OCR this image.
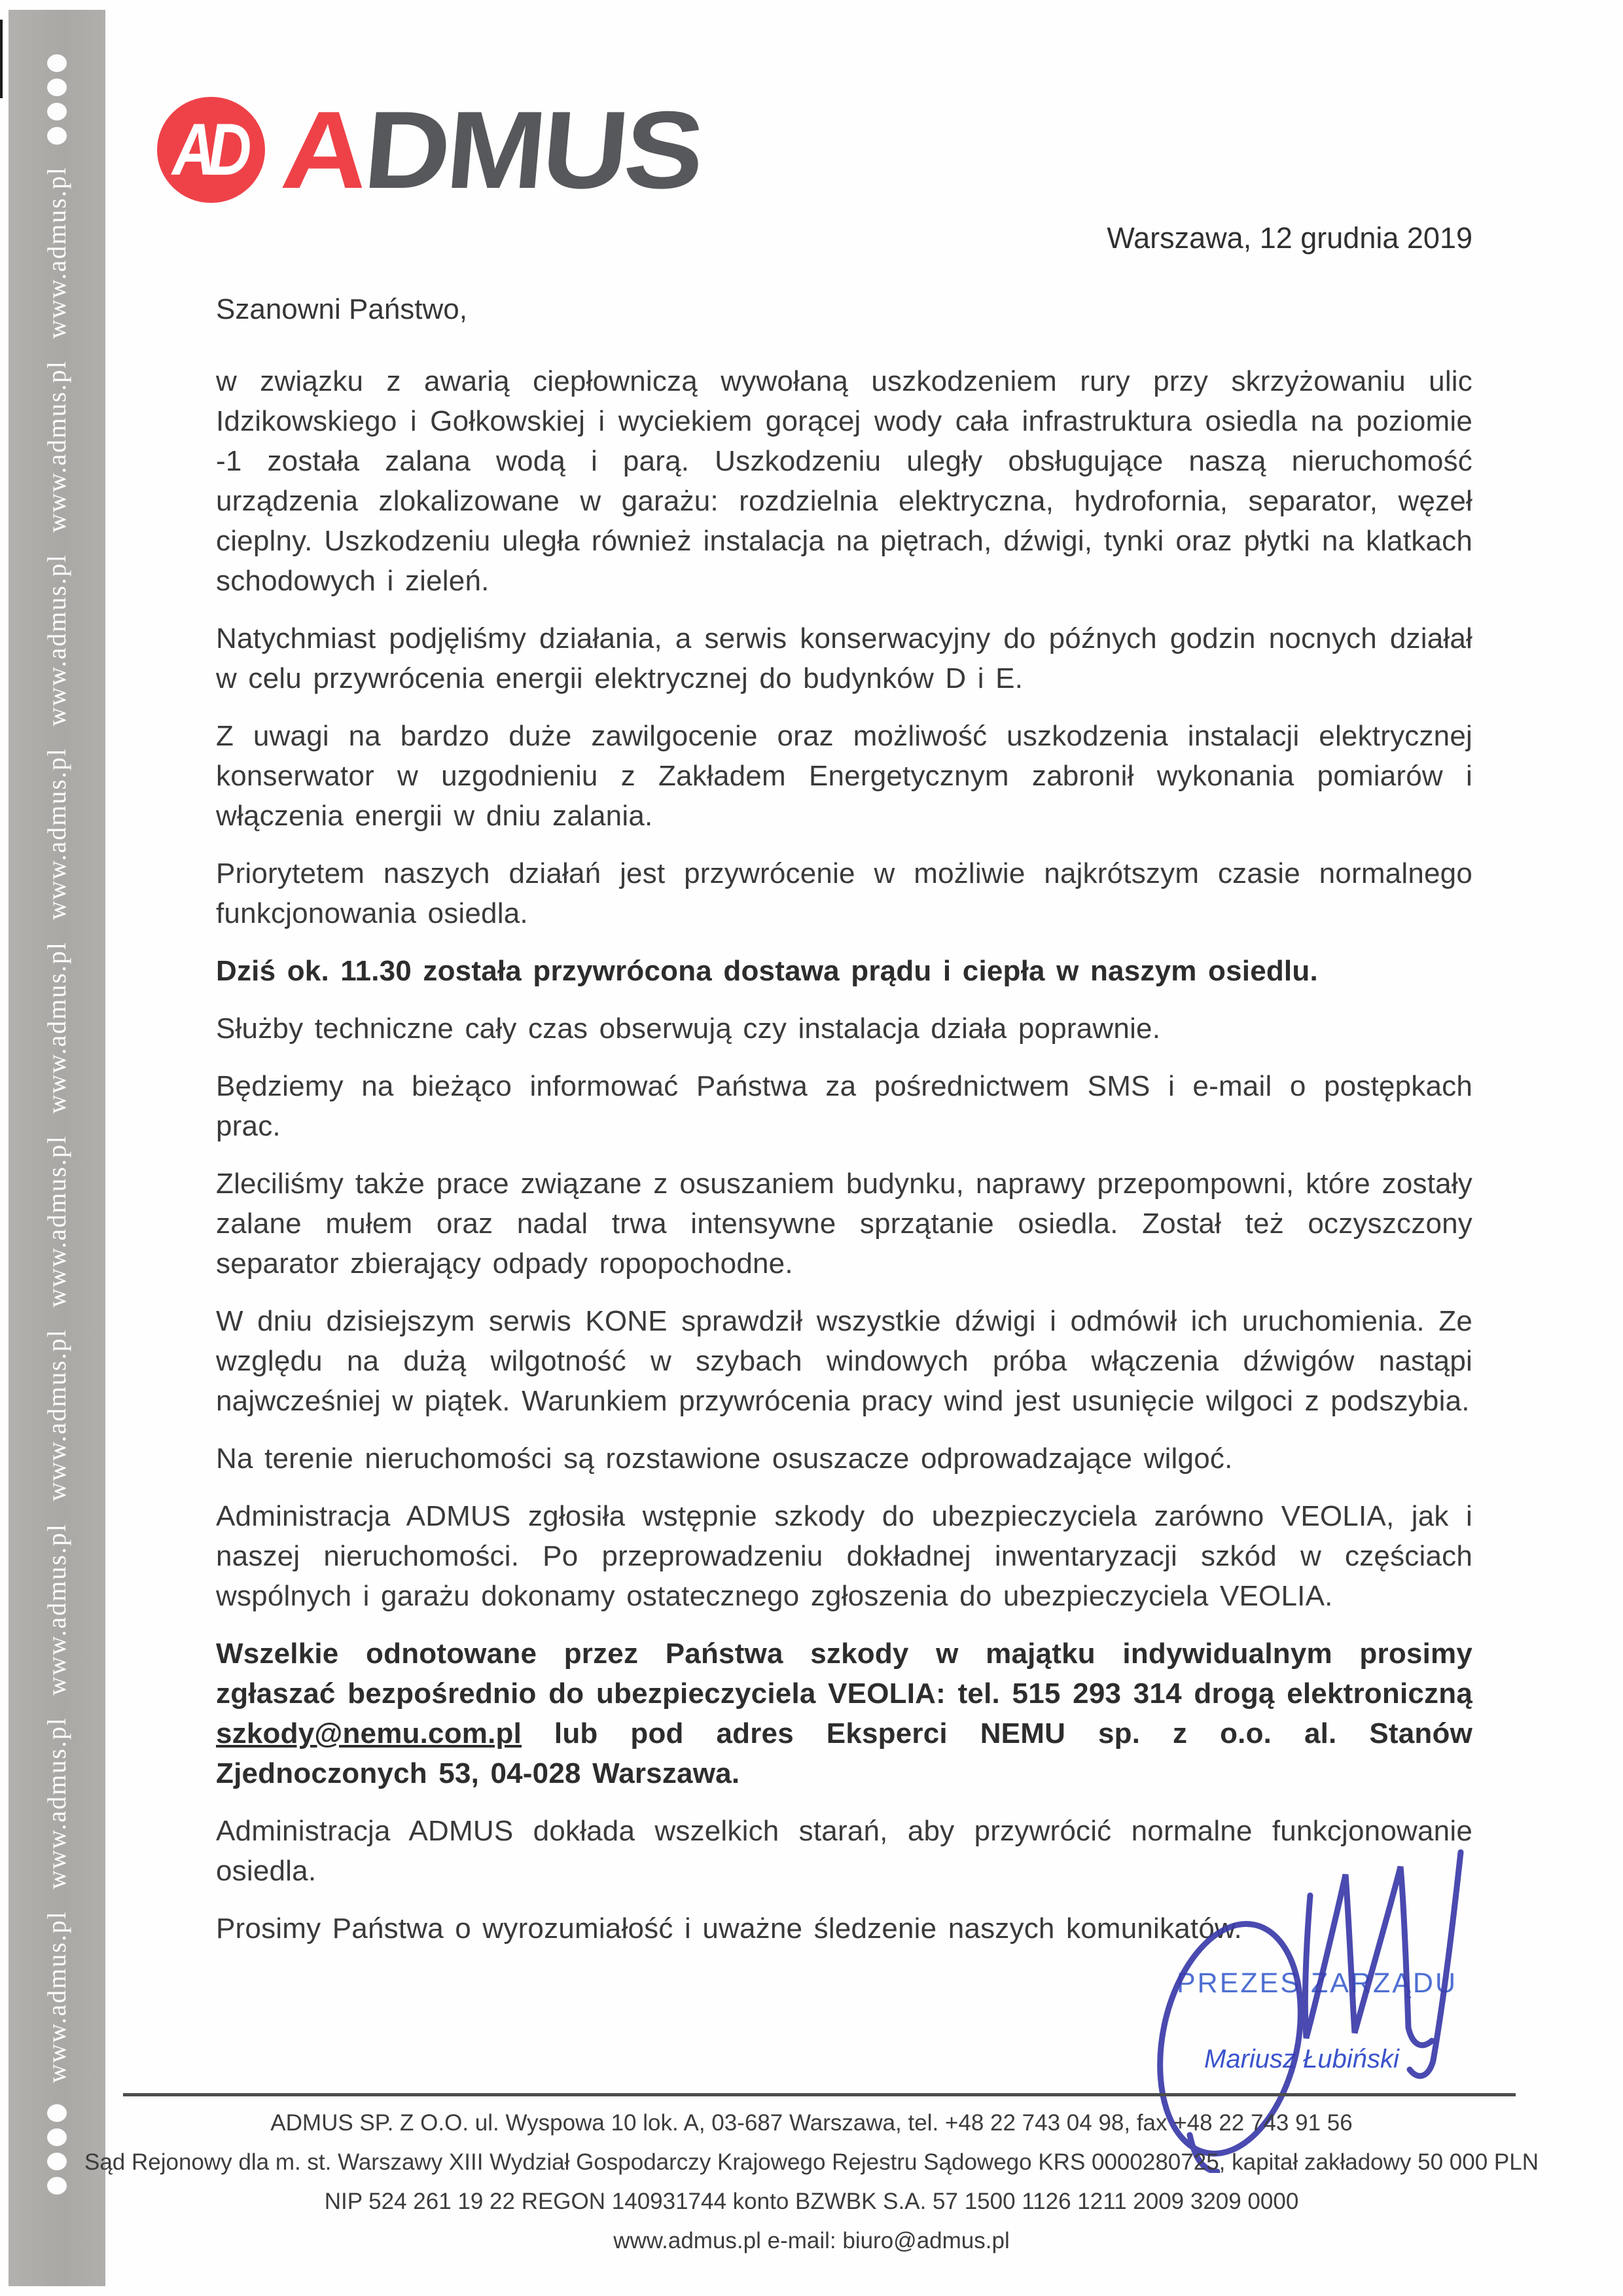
www.admus.pl
www.admus.pl
www.admus.pl
www.admus.pl
www.admus.pl
www.admus.pl
www.admus.pl
www.admus.pl
www.admus.pl
www.admus.pl
AD ADMUS
Warszawa, 12 grudnia 2019
Szanowni Państwo,

w związku z awarią ciepłowniczą wywołaną uszkodzeniem rury przy skrzyżowaniu ulic Idzikowskiego i Gołkowskiej i wyciekiem gorącej wody cała infrastruktura osiedla na poziomie -1 została zalana wodą i parą. Uszkodzeniu uległy obsługujące naszą nieruchomość urządzenia zlokalizowane w garażu: rozdzielnia elektryczna, hydrofornia, separator, węzeł cieplny. Uszkodzeniu uległa również instalacja na piętrach, dźwigi, tynki oraz płytki na klatkach schodowych i zieleń.

Natychmiast podjęliśmy działania, a serwis konserwacyjny do późnych godzin nocnych działał w celu przywrócenia energii elektrycznej do budynków D i E.

Z uwagi na bardzo duże zawilgocenie oraz możliwość uszkodzenia instalacji elektrycznej konserwator w uzgodnieniu z Zakładem Energetycznym zabronił wykonania pomiarów i włączenia energii w dniu zalania.

Priorytetem naszych działań jest przywrócenie w możliwie najkrótszym czasie normalnego funkcjonowania osiedla.

Dziś ok. 11.30 została przywrócona dostawa prądu i ciepła w naszym osiedlu.

Służby techniczne cały czas obserwują czy instalacja działa poprawnie.

Będziemy na bieżąco informować Państwa za pośrednictwem SMS i e-mail o postępkach prac.

Zleciliśmy także prace związane z osuszaniem budynku, naprawy przepompowni, które zostały zalane mułem oraz nadal trwa intensywne sprzątanie osiedla. Został też oczyszczony separator zbierający odpady ropopochodne.

W dniu dzisiejszym serwis KONE sprawdził wszystkie dźwigi i odmówił ich uruchomienia. Ze względu na dużą wilgotność w szybach windowych próba włączenia dźwigów nastąpi najwcześniej w piątek. Warunkiem przywrócenia pracy wind jest usunięcie wilgoci z podszybia.

Na terenie nieruchomości są rozstawione osuszacze odprowadzające wilgoć.

Administracja ADMUS zgłosiła wstępnie szkody do ubezpieczyciela zarówno VEOLIA, jak i naszej nieruchomości. Po przeprowadzeniu dokładnej inwentaryzacji szkód w częściach wspólnych i garażu dokonamy ostatecznego zgłoszenia do ubezpieczyciela VEOLIA.

Wszelkie odnotowane przez Państwa szkody w majątku indywidualnym prosimy zgłaszać bezpośrednio do ubezpieczyciela VEOLIA: tel. 515 293 314 drogą elektroniczną szkody@nemu.com.pl lub pod adres Eksperci NEMU sp. z o.o. al. Stanów Zjednoczonych 53, 04-028 Warszawa.

Administracja ADMUS dokłada wszelkich starań, aby przywrócić normalne funkcjonowanie osiedla.

Prosimy Państwa o wyrozumiałość i uważne śledzenie naszych komunikatów.

PREZES ZARZĄDU
Mariusz Łubiński
ADMUS SP. Z O.O. ul. Wyspowa 10 lok. A, 03-687 Warszawa, tel. +48 22 743 04 98, fax +48 22 743 91 56
Sąd Rejonowy dla m. st. Warszawy XIII Wydział Gospodarczy Krajowego Rejestru Sądowego KRS 0000280725, kapitał zakładowy 50 000 PLN
NIP 524 261 19 22 REGON 140931744 konto BZWBK S.A. 57 1500 1126 1211 2009 3209 0000
www.admus.pl e-mail: biuro@admus.pl
